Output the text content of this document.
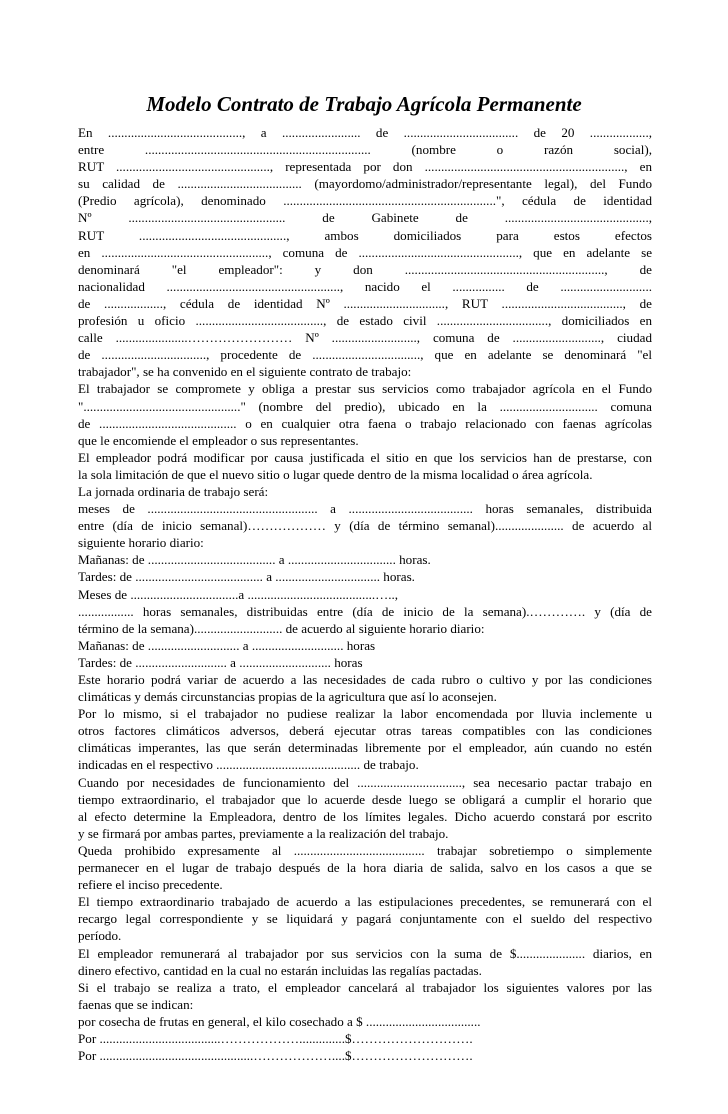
Modelo Contrato de Trabajo Agrícola Permanente
En ........................................., a ........................ de ................................... de 20 ..................,
entre ..................................................................... (nombre o razón social),
RUT ..............................................., representada por don ............................................................., en
su calidad de ...................................... (mayordomo/administrador/representante legal), del Fundo
(Predio agrícola), denominado .................................................................", cédula de identidad
Nº ................................................ de Gabinete de ............................................,
RUT ............................................., ambos domiciliados para estos efectos
en ..................................................., comuna de ................................................., que en adelante se
denominará "el empleador": y don ............................................................., de
nacionalidad ....................................................., nacido el ................ de ............................
de .................., cédula de identidad Nº ..............................., RUT ....................................., de
profesión u oficio ......................................., de estado civil .................................., domiciliados en
calle ......................…………………… Nº .........................., comuna de ..........................., ciudad
de ................................, procedente de ................................., que en adelante se denominará "el
trabajador", se ha convenido en el siguiente contrato de trabajo:
El trabajador se compromete y obliga a prestar sus servicios como trabajador agrícola en el Fundo
"................................................" (nombre del predio), ubicado en la .............................. comuna
de .......................................... o en cualquier otra faena o trabajo relacionado con faenas agrícolas
que le encomiende el empleador o sus representantes.
El empleador podrá modificar por causa justificada el sitio en que los servicios han de prestarse, con
la sola limitación de que el nuevo sitio o lugar quede dentro de la misma localidad o área agrícola.
La jornada ordinaria de trabajo será:
meses de .................................................... a ...................................... horas semanales, distribuida
entre (día de inicio semanal)……………… y (día de término semanal)..................... de acuerdo al
siguiente horario diario:
Mañanas: de ....................................... a ................................. horas.
Tardes: de ....................................... a ................................ horas.
Meses de .................................a .......................................…..,
................. horas semanales, distribuidas entre (día de inicio de la semana).…………. y (día de
término de la semana)........................... de acuerdo al siguiente horario diario:
Mañanas: de ............................ a ............................ horas
Tardes: de ............................ a ............................ horas
Este horario podrá variar de acuerdo a las necesidades de cada rubro o cultivo y por las condiciones
climáticas y demás circunstancias propias de la agricultura que así lo aconsejen.
Por lo mismo, si el trabajador no pudiese realizar la labor encomendada por lluvia inclemente u
otros factores climáticos adversos, deberá ejecutar otras tareas compatibles con las condiciones
climáticas imperantes, las que serán determinadas libremente por el empleador, aún cuando no estén
indicadas en el respectivo ............................................ de trabajo.
Cuando por necesidades de funcionamiento del ................................, sea necesario pactar trabajo en
tiempo extraordinario, el trabajador que lo acuerde desde luego se obligará a cumplir el horario que
al efecto determine la Empleadora, dentro de los límites legales. Dicho acuerdo constará por escrito
y se firmará por ambas partes, previamente a la realización del trabajo.
Queda prohibido expresamente al ........................................ trabajar sobretiempo o simplemente
permanecer en el lugar de trabajo después de la hora diaria de salida, salvo en los casos a que se
refiere el inciso precedente.
El tiempo extraordinario trabajado de acuerdo a las estipulaciones precedentes, se remunerará con el
recargo legal correspondiente y se liquidará y pagará conjuntamente con el sueldo del respectivo
período.
El empleador remunerará al trabajador por sus servicios con la suma de $..................... diarios, en
dinero efectivo, cantidad en la cual no estarán incluidas las regalías pactadas.
Si el trabajo se realiza a trato, el empleador cancelará al trabajador los siguientes valores por las
faenas que se indican:
por cosecha de frutas en general, el kilo cosechado a $ ...................................
Por .....................................………………..............$……………………….
Por ...............................................………………....$……………………….
